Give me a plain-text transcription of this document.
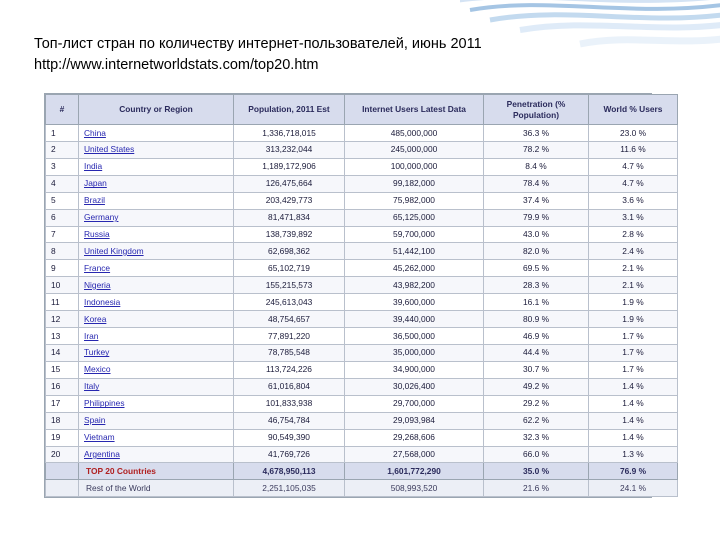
Топ-лист стран по количеству интернет-пользователей, июнь 2011
http://www.internetworldstats.com/top20.htm
#	Country or Region	Population, 2011 Est	Internet Users Latest Data	Penetration (% Population)	World % Users
1	China	1,336,718,015	485,000,000	36.3 %	23.0 %
2	United States	313,232,044	245,000,000	78.2 %	11.6 %
3	India	1,189,172,906	100,000,000	8.4 %	4.7 %
4	Japan	126,475,664	99,182,000	78.4 %	4.7 %
5	Brazil	203,429,773	75,982,000	37.4 %	3.6 %
6	Germany	81,471,834	65,125,000	79.9 %	3.1 %
7	Russia	138,739,892	59,700,000	43.0 %	2.8 %
8	United Kingdom	62,698,362	51,442,100	82.0 %	2.4 %
9	France	65,102,719	45,262,000	69.5 %	2.1 %
10	Nigeria	155,215,573	43,982,200	28.3 %	2.1 %
11	Indonesia	245,613,043	39,600,000	16.1 %	1.9 %
12	Korea	48,754,657	39,440,000	80.9 %	1.9 %
13	Iran	77,891,220	36,500,000	46.9 %	1.7 %
14	Turkey	78,785,548	35,000,000	44.4 %	1.7 %
15	Mexico	113,724,226	34,900,000	30.7 %	1.7 %
16	Italy	61,016,804	30,026,400	49.2 %	1.4 %
17	Philippines	101,833,938	29,700,000	29.2 %	1.4 %
18	Spain	46,754,784	29,093,984	62.2 %	1.4 %
19	Vietnam	90,549,390	29,268,606	32.3 %	1.4 %
20	Argentina	41,769,726	27,568,000	66.0 %	1.3 %
	TOP 20 Countries	4,678,950,113	1,601,772,290	35.0 %	76.9 %
	Rest of the World	2,251,105,035	508,993,520	21.6 %	24.1 %
